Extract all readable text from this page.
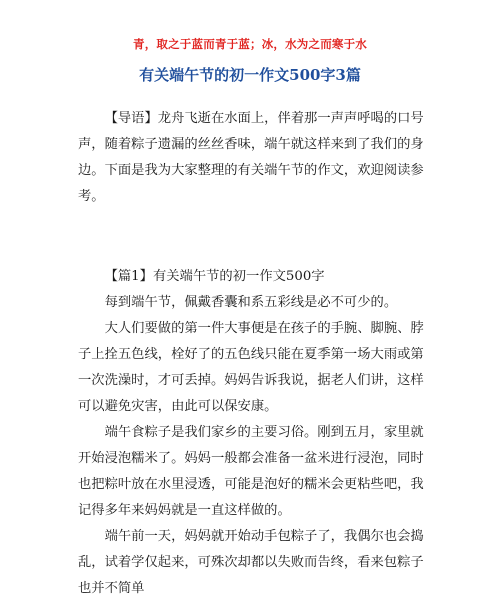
青，取之于蓝而青于蓝；冰，水为之而寒于水
有关端午节的初一作文500字3篇

【导语】龙舟飞逝在水面上，伴着那一声声呼喝的口号声，随着粽子遗漏的丝丝香味，端午就这样来到了我们的身边。下面是我为大家整理的有关端午节的作文，欢迎阅读参考。

【篇1】有关端午节的初一作文500字

每到端午节，佩戴香囊和系五彩线是必不可少的。

大人们要做的第一件大事便是在孩子的手腕、脚腕、脖子上拴五色线，栓好了的五色线只能在夏季第一场大雨或第一次洗澡时，才可丢掉。妈妈告诉我说，据老人们讲，这样可以避免灾害，由此可以保安康。

端午食粽子是我们家乡的主要习俗。刚到五月，家里就开始浸泡糯米了。妈妈一般都会准备一盆米进行浸泡，同时也把粽叶放在水里浸透，可能是泡好的糯米会更粘些吧，我记得多年来妈妈就是一直这样做的。

端午前一天，妈妈就开始动手包粽子了，我偶尔也会捣乱，试着学仅起来，可殊次却都以失败而告终，看来包粽子也并不简单
